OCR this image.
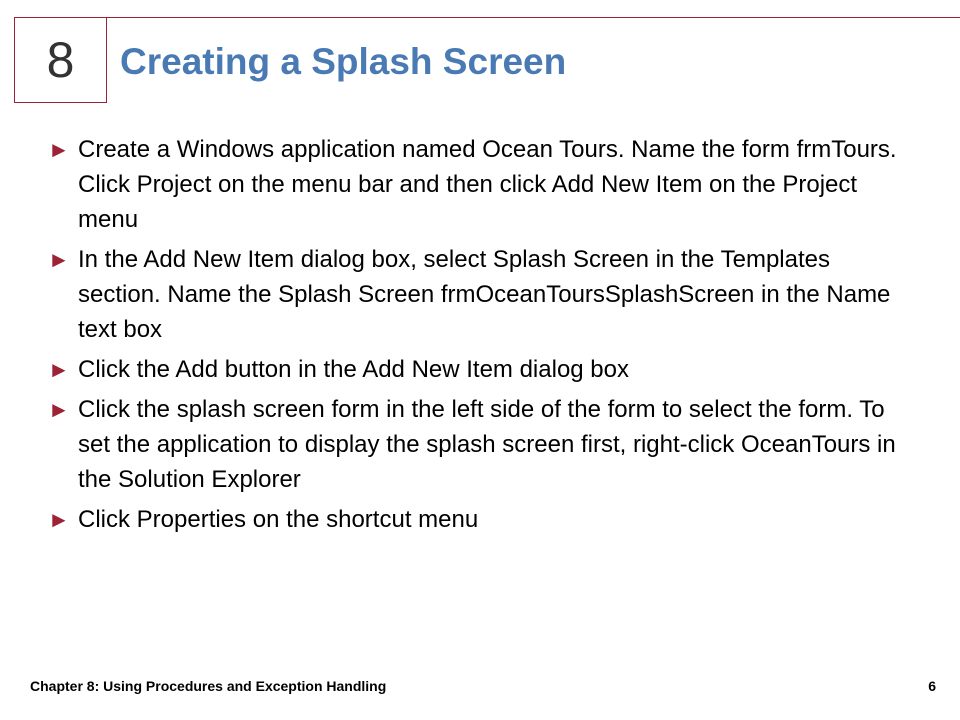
8 Creating a Splash Screen
► Create a Windows application named Ocean Tours. Name the form frmTours. Click Project on the menu bar and then click Add New Item on the Project menu
► In the Add New Item dialog box, select Splash Screen in the Templates section. Name the Splash Screen frmOceanToursSplashScreen in the Name text box
► Click the Add button in the Add New Item dialog box
► Click the splash screen form in the left side of the form to select the form. To set the application to display the splash screen first, right-click OceanTours in the Solution Explorer
► Click Properties on the shortcut menu
Chapter 8: Using Procedures and Exception Handling	6
